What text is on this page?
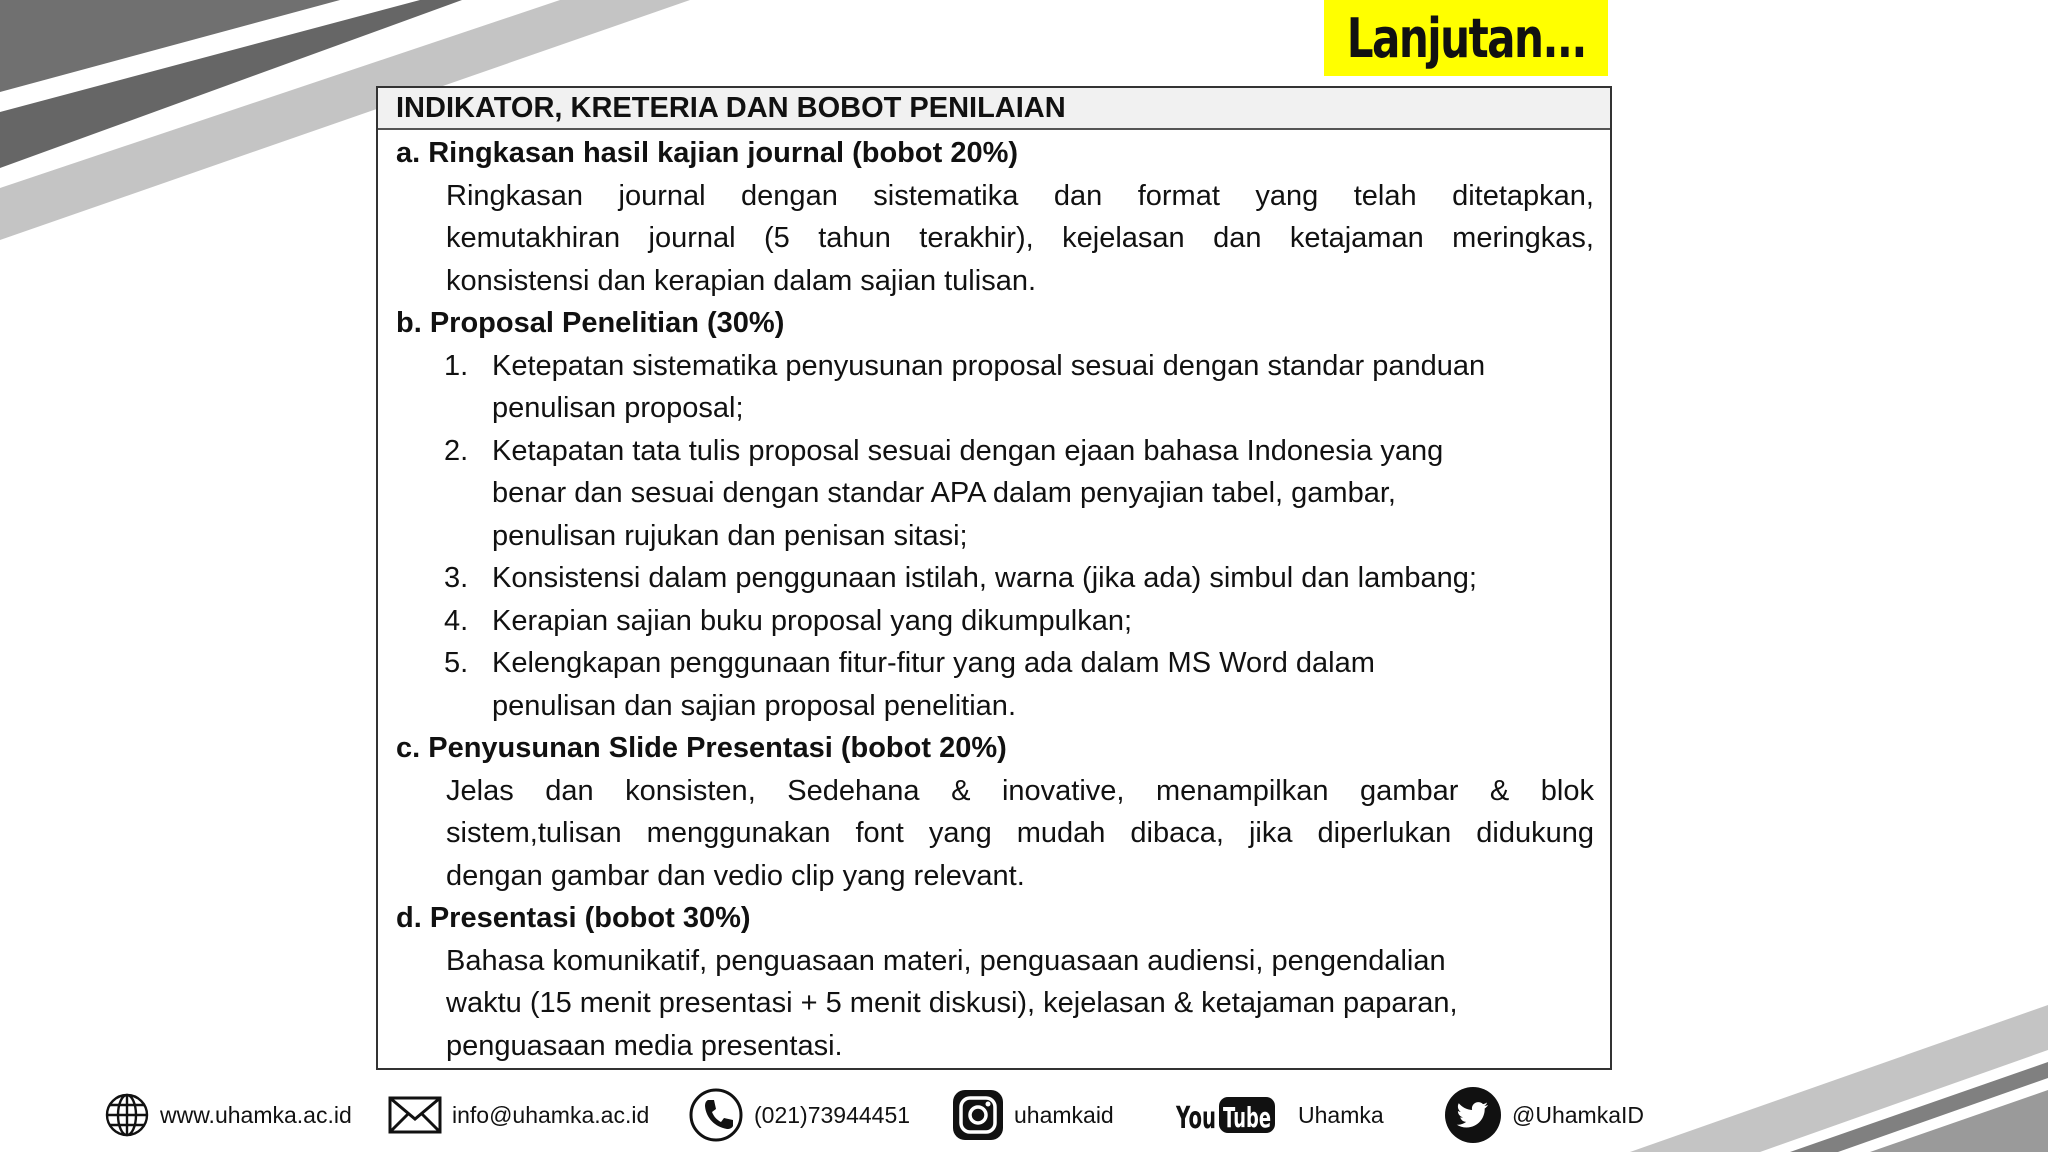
Lanjutan...
INDIKATOR, KRETERIA DAN BOBOT PENILAIAN
a. Ringkasan hasil kajian journal (bobot 20%)
Ringkasan journal dengan sistematika dan format yang telah ditetapkan,
kemutakhiran journal (5 tahun terakhir), kejelasan dan ketajaman meringkas,
konsistensi dan kerapian dalam sajian tulisan.
b. Proposal Penelitian (30%)
1. Ketepatan sistematika penyusunan proposal sesuai dengan standar panduan
penulisan proposal;
2. Ketapatan tata tulis proposal sesuai dengan ejaan bahasa Indonesia yang
benar dan sesuai dengan standar APA dalam penyajian tabel, gambar,
penulisan rujukan dan penisan sitasi;
3. Konsistensi dalam penggunaan istilah, warna (jika ada) simbul dan lambang;
4. Kerapian sajian buku proposal yang dikumpulkan;
5. Kelengkapan penggunaan fitur-fitur yang ada dalam MS Word dalam
penulisan dan sajian proposal penelitian.
c. Penyusunan Slide Presentasi (bobot 20%)
Jelas dan konsisten, Sedehana & inovative, menampilkan gambar & blok
sistem,tulisan menggunakan font yang mudah dibaca, jika diperlukan didukung
dengan gambar dan vedio clip yang relevant.
d. Presentasi (bobot 30%)
Bahasa komunikatif, penguasaan materi, penguasaan audiensi, pengendalian
waktu (15 menit presentasi + 5 menit diskusi), kejelasan & ketajaman paparan,
penguasaan media presentasi.
www.uhamka.ac.id	info@uhamka.ac.id	(021)73944451	uhamkaid You Tube Uhamka	@UhamkaID
